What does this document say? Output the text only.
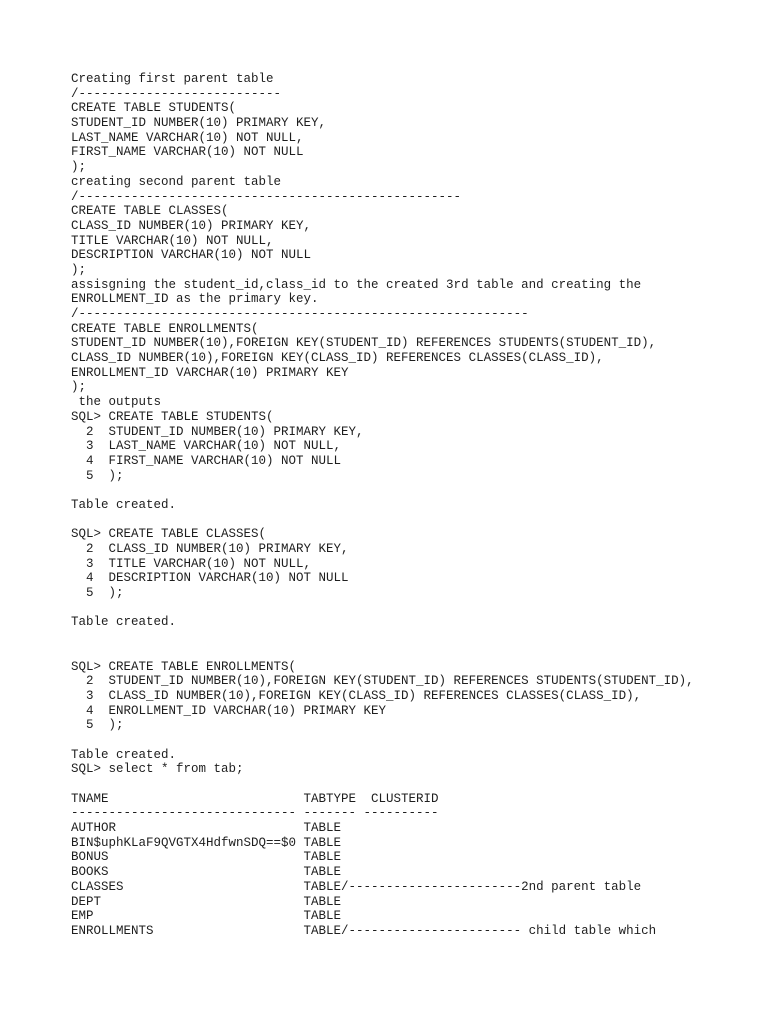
Creating first parent table
/---------------------------
CREATE TABLE STUDENTS(
STUDENT_ID NUMBER(10) PRIMARY KEY,
LAST_NAME VARCHAR(10) NOT NULL,
FIRST_NAME VARCHAR(10) NOT NULL
);
creating second parent table
/---------------------------------------------------
CREATE TABLE CLASSES(
CLASS_ID NUMBER(10) PRIMARY KEY,
TITLE VARCHAR(10) NOT NULL,
DESCRIPTION VARCHAR(10) NOT NULL
);
assisgning the student_id,class_id to the created 3rd table and creating the
ENROLLMENT_ID as the primary key.
/------------------------------------------------------------
CREATE TABLE ENROLLMENTS(
STUDENT_ID NUMBER(10),FOREIGN KEY(STUDENT_ID) REFERENCES STUDENTS(STUDENT_ID),
CLASS_ID NUMBER(10),FOREIGN KEY(CLASS_ID) REFERENCES CLASSES(CLASS_ID),
ENROLLMENT_ID VARCHAR(10) PRIMARY KEY
);
the outputs
SQL> CREATE TABLE STUDENTS(
2  STUDENT_ID NUMBER(10) PRIMARY KEY,
3  LAST_NAME VARCHAR(10) NOT NULL,
4  FIRST_NAME VARCHAR(10) NOT NULL
5  );
Table created.
SQL> CREATE TABLE CLASSES(
2  CLASS_ID NUMBER(10) PRIMARY KEY,
3  TITLE VARCHAR(10) NOT NULL,
4  DESCRIPTION VARCHAR(10) NOT NULL
5  );
Table created.
SQL> CREATE TABLE ENROLLMENTS(
2  STUDENT_ID NUMBER(10),FOREIGN KEY(STUDENT_ID) REFERENCES STUDENTS(STUDENT_ID),
3  CLASS_ID NUMBER(10),FOREIGN KEY(CLASS_ID) REFERENCES CLASSES(CLASS_ID),
4  ENROLLMENT_ID VARCHAR(10) PRIMARY KEY
5  );
Table created.
SQL> select * from tab;
TNAME                          TABTYPE  CLUSTERID
------------------------------ ------- ----------
AUTHOR                         TABLE
BIN$uphKLaF9QVGTX4HdfwnSDQ==$0 TABLE
BONUS                          TABLE
BOOKS                          TABLE
CLASSES                        TABLE/-----------------------2nd parent table
DEPT                           TABLE
EMP                            TABLE
ENROLLMENTS                    TABLE/----------------------- child table which
